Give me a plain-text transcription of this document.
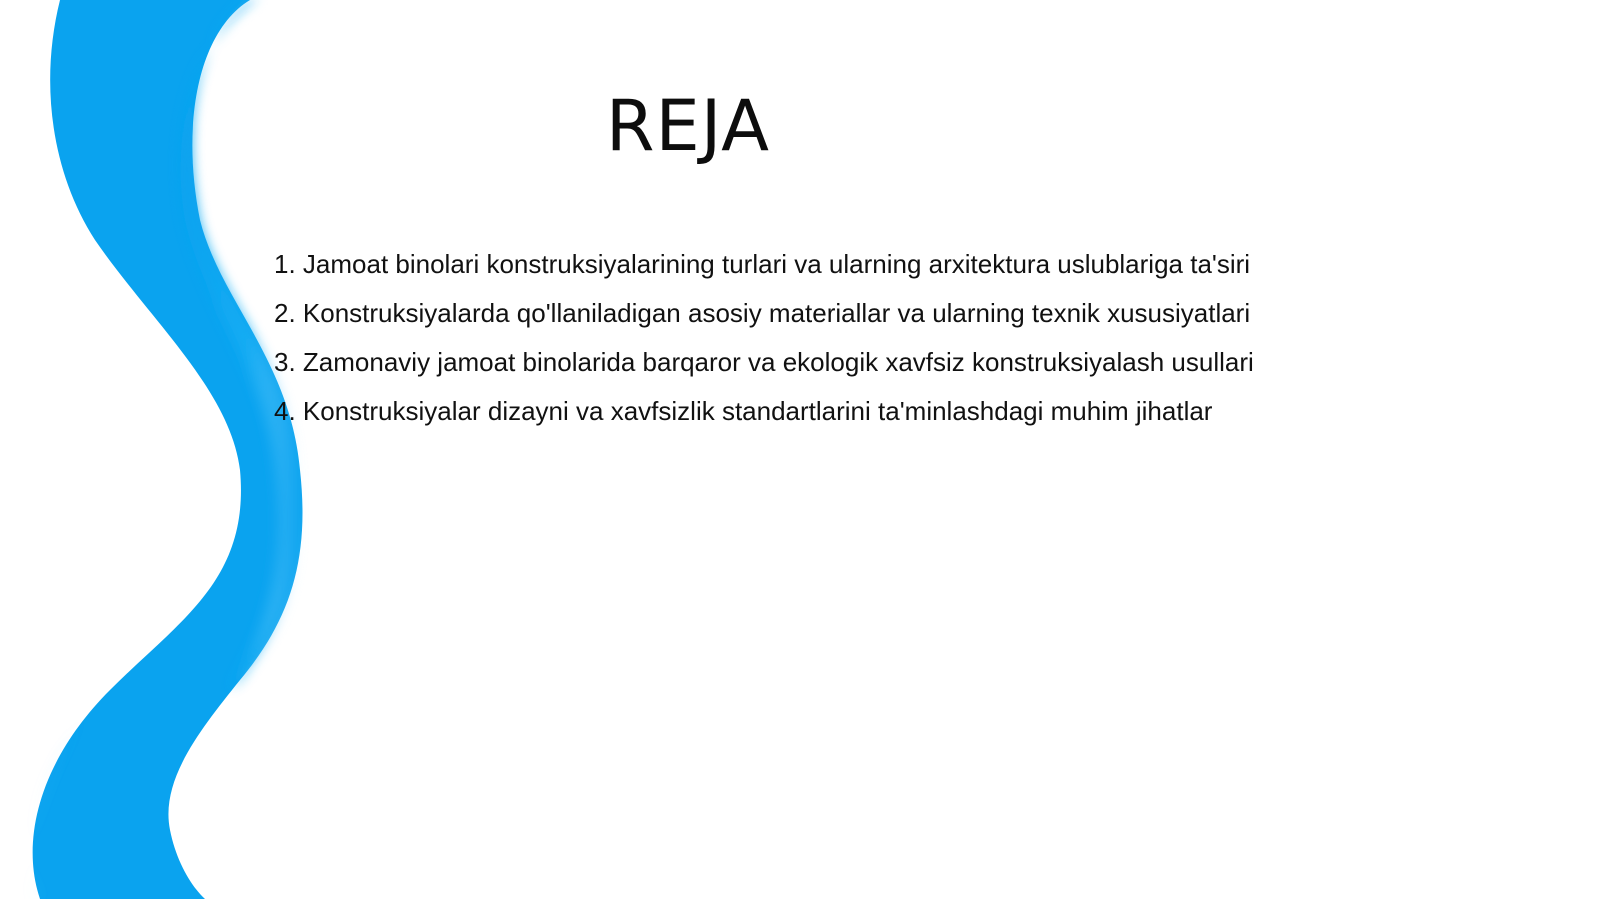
REJA
1. Jamoat binolari konstruksiyalarining turlari va ularning arxitektura uslublariga ta'siri
2. Konstruksiyalarda qo'llaniladigan asosiy materiallar va ularning texnik xususiyatlari
3. Zamonaviy jamoat binolarida barqaror va ekologik xavfsiz konstruksiyalash usullari
4. Konstruksiyalar dizayni va xavfsizlik standartlarini ta'minlashdagi muhim jihatlar
